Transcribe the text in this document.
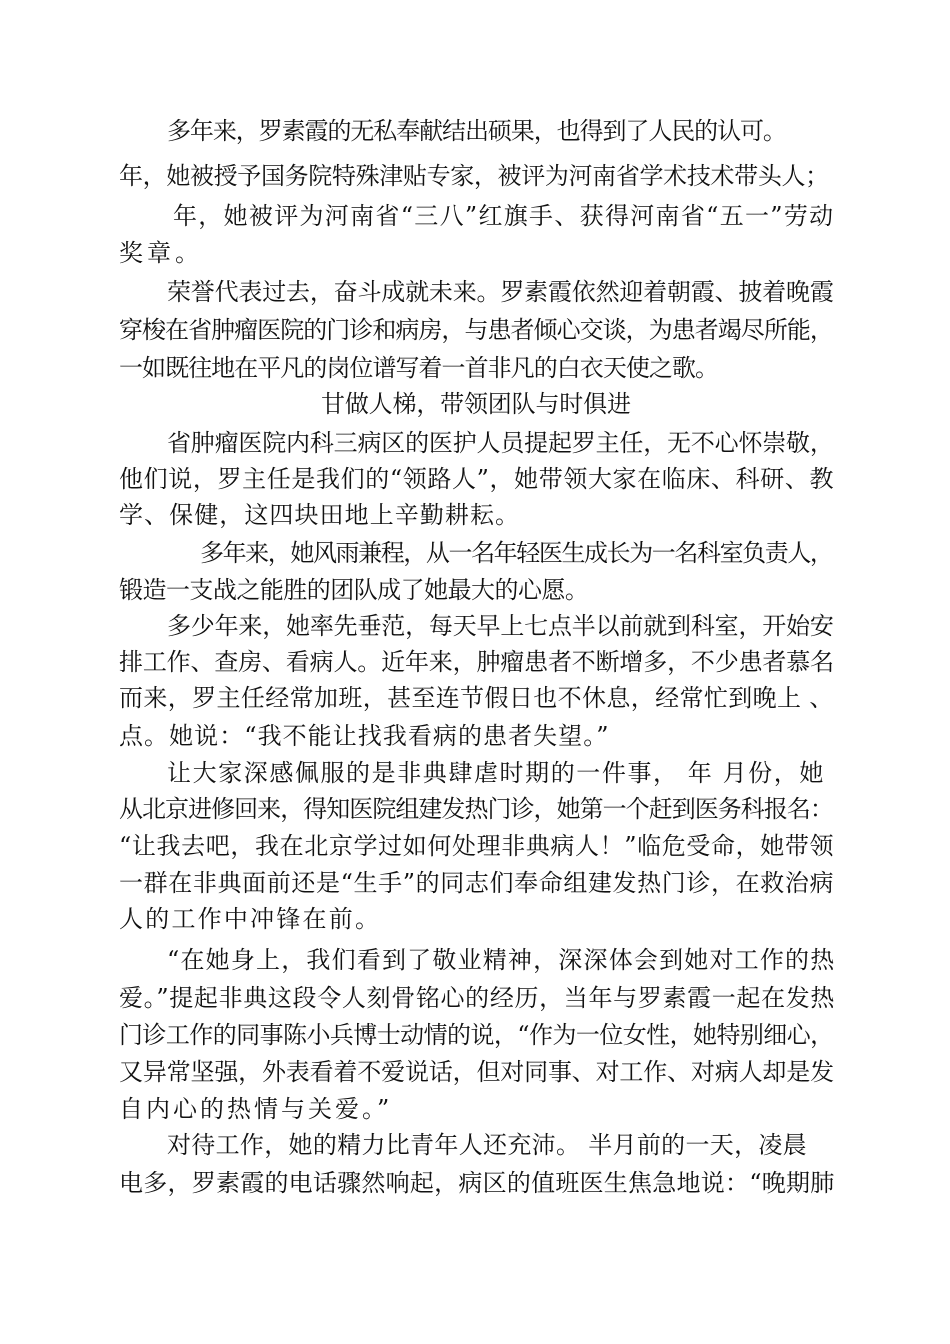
多年来，罗素霞的无私奉献结出硕果，也得到了人民的认可。
年，她被授予国务院特殊津贴专家，被评为河南省学术技术带头人；
年，她被评为河南省“三八”红旗手、获得河南省“五一”劳动
奖章。
荣誉代表过去，奋斗成就未来。罗素霞依然迎着朝霞、披着晚霞
穿梭在省肿瘤医院的门诊和病房，与患者倾心交谈，为患者竭尽所能，
一如既往地在平凡的岗位谱写着一首非凡的白衣天使之歌。
甘做人梯，带领团队与时俱进
省肿瘤医院内科三病区的医护人员提起罗主任，无不心怀崇敬，
他们说，罗主任是我们的“领路人”，她带领大家在临床、科研、教
学、保健，这四块田地上辛勤耕耘。
多年来，她风雨兼程，从一名年轻医生成长为一名科室负责人，
锻造一支战之能胜的团队成了她最大的心愿。
多少年来，她率先垂范，每天早上七点半以前就到科室，开始安
排工作、查房、看病人。近年来，肿瘤患者不断增多，不少患者慕名
而来，罗主任经常加班，甚至连节假日也不休息，经常忙到晚上 、
点。她说：“我不能让找我看病的患者失望。”
让大家深感佩服的是非典肆虐时期的一件事， 年 月份，她
从北京进修回来，得知医院组建发热门诊，她第一个赶到医务科报名：
“让我去吧，我在北京学过如何处理非典病人！”临危受命，她带领
一群在非典面前还是“生手”的同志们奉命组建发热门诊，在救治病
人的工作中冲锋在前。
“在她身上，我们看到了敬业精神，深深体会到她对工作的热
爱。”提起非典这段令人刻骨铭心的经历，当年与罗素霞一起在发热
门诊工作的同事陈小兵博士动情的说，“作为一位女性，她特别细心，
又异常坚强，外表看着不爱说话，但对同事、对工作、对病人却是发
自内心的热情与关爱。”
对待工作，她的精力比青年人还充沛。 半月前的一天，凌晨
电多，罗素霞的电话骤然响起，病区的值班医生焦急地说：“晚期肺
